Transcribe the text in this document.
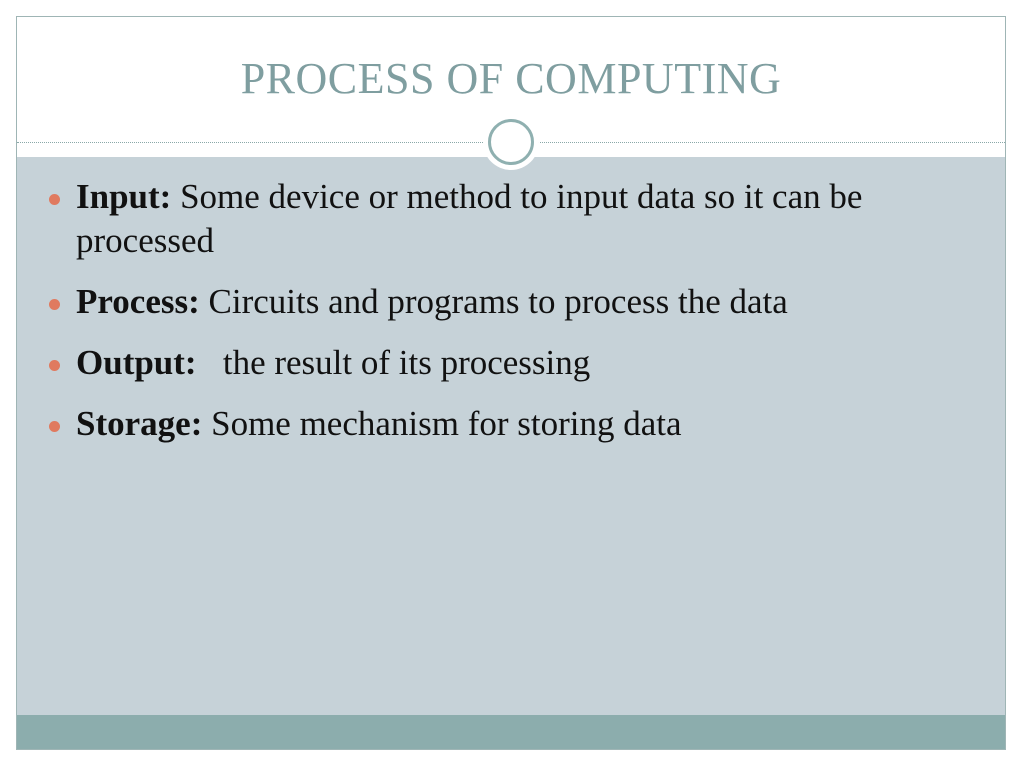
PROCESS OF COMPUTING
Input: Some device or method to input data so it can be processed
Process: Circuits and programs to process the data
Output:   the result of its processing
Storage: Some mechanism for storing data
